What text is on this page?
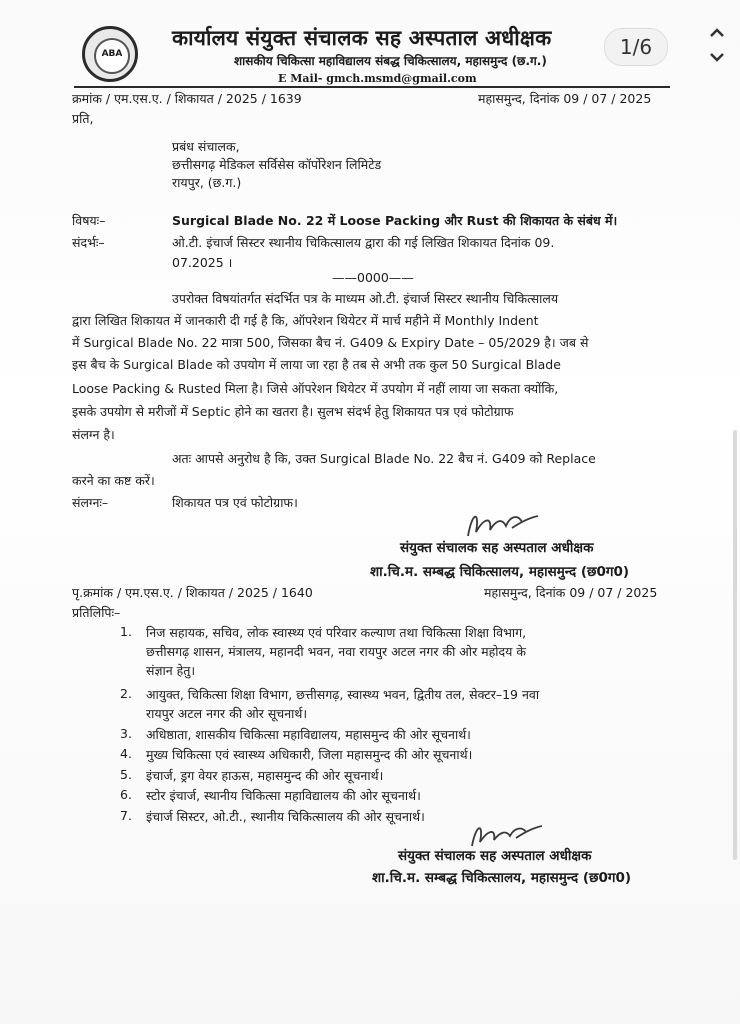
ABA
कार्यालय संयुक्त संचालक सह अस्पताल अधीक्षक
शासकीय चिकित्सा महाविद्यालय संबद्ध चिकित्सालय, महासमुन्द (छ.ग.)
E Mail- gmch.msmd@gmail.com
1/6
क्रमांक / एम.एस.ए. / शिकायत / 2025 / 1639	महासमुन्द, दिनांक 09 / 07 / 2025
प्रति,
प्रबंध संचालक,
छत्तीसगढ़ मेडिकल सर्विसेस कॉर्पोरेशन लिमिटेड
रायपुर, (छ.ग.)
विषयः–	Surgical Blade No. 22 में Loose Packing और Rust की शिकायत के संबंध में।
संदर्भः–	ओ.टी. इंचार्ज सिस्टर स्थानीय चिकित्सालय द्वारा की गई लिखित शिकायत दिनांक 09.
07.2025 ।
——0000——
उपरोक्त विषयांतर्गत संदर्भित पत्र के माध्यम ओ.टी. इंचार्ज सिस्टर स्थानीय चिकित्सालय
द्वारा लिखित शिकायत में जानकारी दी गई है कि, ऑपरेशन थियेटर में मार्च महीने में Monthly Indent
में Surgical Blade No. 22 मात्रा 500, जिसका बैच नं. G409 & Expiry Date – 05/2029 है। जब से
इस बैच के Surgical Blade को उपयोग में लाया जा रहा है तब से अभी तक कुल 50 Surgical Blade
Loose Packing & Rusted मिला है। जिसे ऑपरेशन थियेटर में उपयोग में नहीं लाया जा सकता क्योंकि,
इसके उपयोग से मरीजों में Septic होने का खतरा है। सुलभ संदर्भ हेतु शिकायत पत्र एवं फोटोग्राफ
संलग्न है।
अतः आपसे अनुरोध है कि, उक्त Surgical Blade No. 22 बैच नं. G409 को Replace
करने का कष्ट करें।
संलग्नः–	शिकायत पत्र एवं फोटोग्राफ।
संयुक्त संचालक सह अस्पताल अधीक्षक
शा.चि.म. सम्बद्ध चिकित्सालय, महासमुन्द (छ0ग0)
पृ.क्रमांक / एम.एस.ए. / शिकायत / 2025 / 1640	महासमुन्द, दिनांक 09 / 07 / 2025
प्रतिलिपिः–
1. निज सहायक, सचिव, लोक स्वास्थ्य एवं परिवार कल्याण तथा चिकित्सा शिक्षा विभाग,
छत्तीसगढ़ शासन, मंत्रालय, महानदी भवन, नवा रायपुर अटल नगर की ओर महोदय के
संज्ञान हेतु।
2. आयुक्त, चिकित्सा शिक्षा विभाग, छत्तीसगढ़, स्वास्थ्य भवन, द्वितीय तल, सेक्टर–19 नवा
रायपुर अटल नगर की ओर सूचनार्थ।
3. अधिष्ठाता, शासकीय चिकित्सा महाविद्यालय, महासमुन्द की ओर सूचनार्थ।
4. मुख्य चिकित्सा एवं स्वास्थ्य अधिकारी, जिला महासमुन्द की ओर सूचनार्थ।
5. इंचार्ज, ड्रग वेयर हाऊस, महासमुन्द की ओर सूचनार्थ।
6. स्टोर इंचार्ज, स्थानीय चिकित्सा महाविद्यालय की ओर सूचनार्थ।
7. इंचार्ज सिस्टर, ओ.टी., स्थानीय चिकित्सालय की ओर सूचनार्थ।
संयुक्त संचालक सह अस्पताल अधीक्षक
शा.चि.म. सम्बद्ध चिकित्सालय, महासमुन्द (छ0ग0)
